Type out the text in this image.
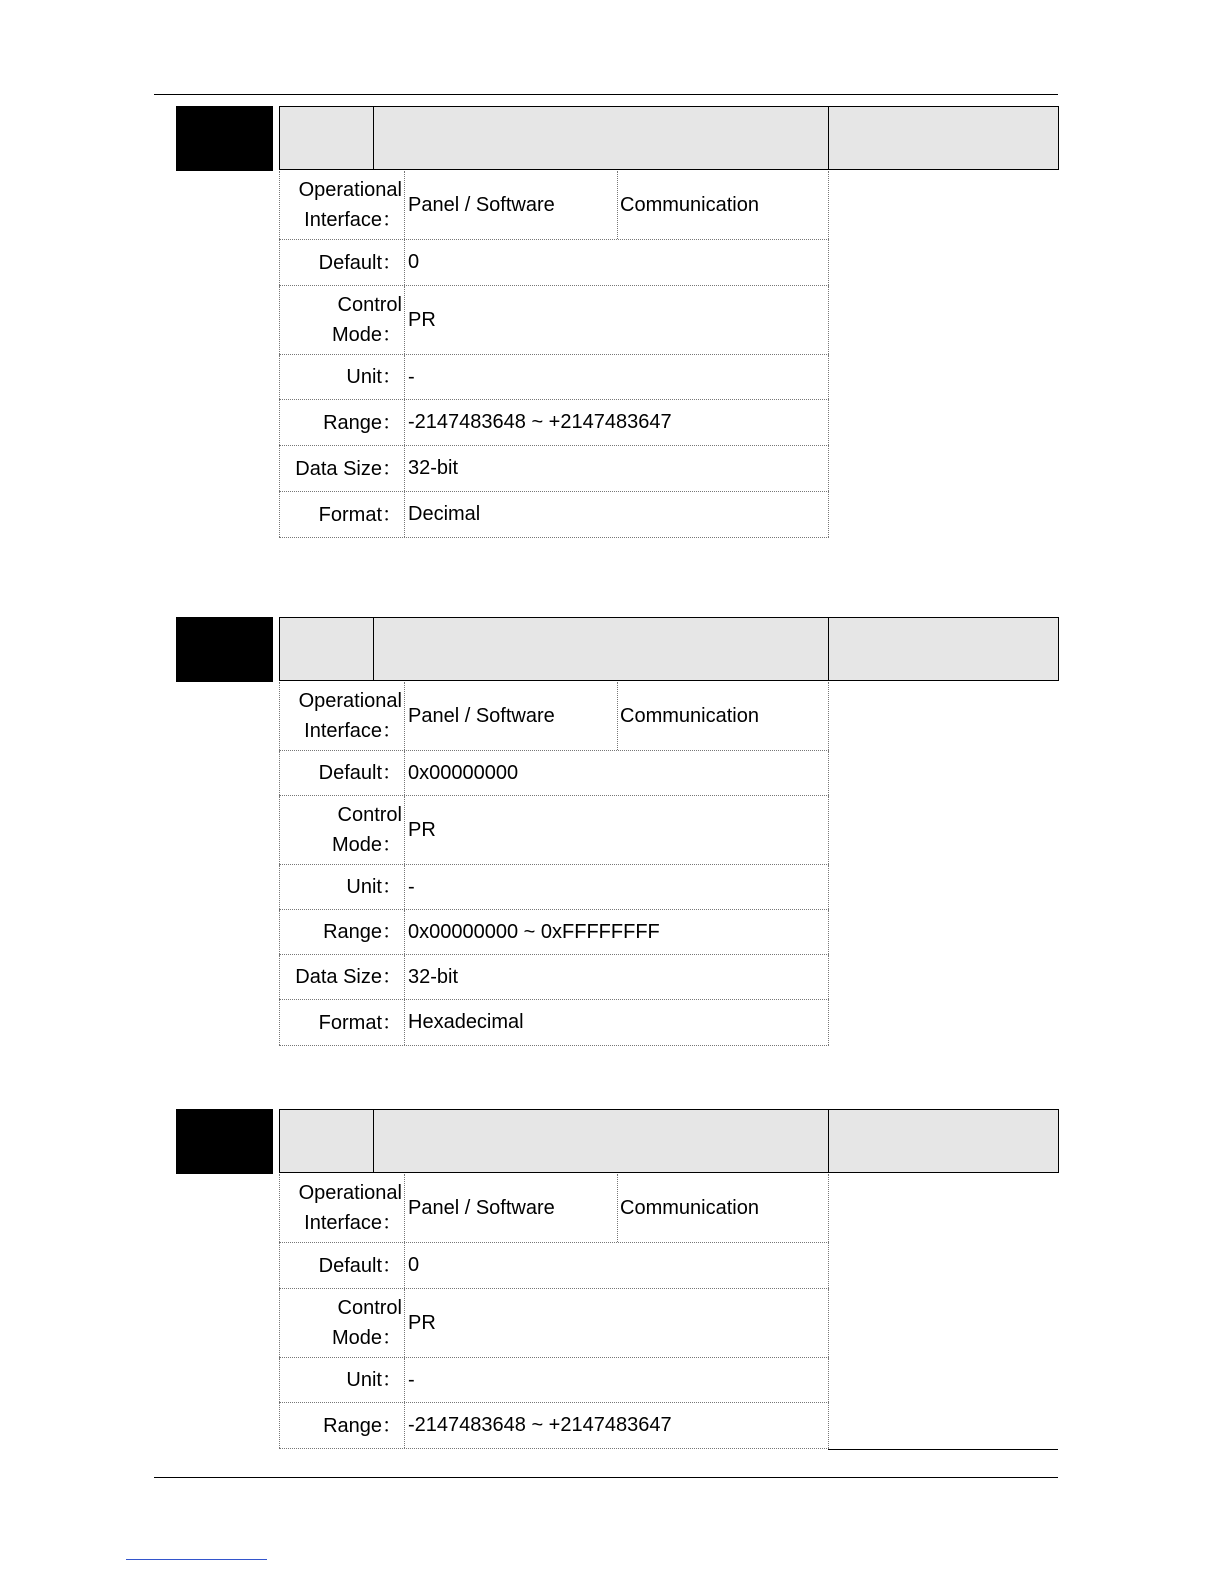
Operational
Interface：
Panel / Software	Communication
Default： 0
Control
Mode：
PR
Unit： -
Range： -2147483648 ~ +2147483647
Data Size： 32-bit
Format： Decimal
Operational
Interface：
Panel / Software	Communication
Default： 0x00000000
Control
Mode：
PR
Unit： -
Range： 0x00000000 ~ 0xFFFFFFFF
Data Size： 32-bit
Format： Hexadecimal
Operational
Interface：
Panel / Software	Communication
Default： 0
Control
Mode：
PR
Unit： -
Range： -2147483648 ~ +2147483647
